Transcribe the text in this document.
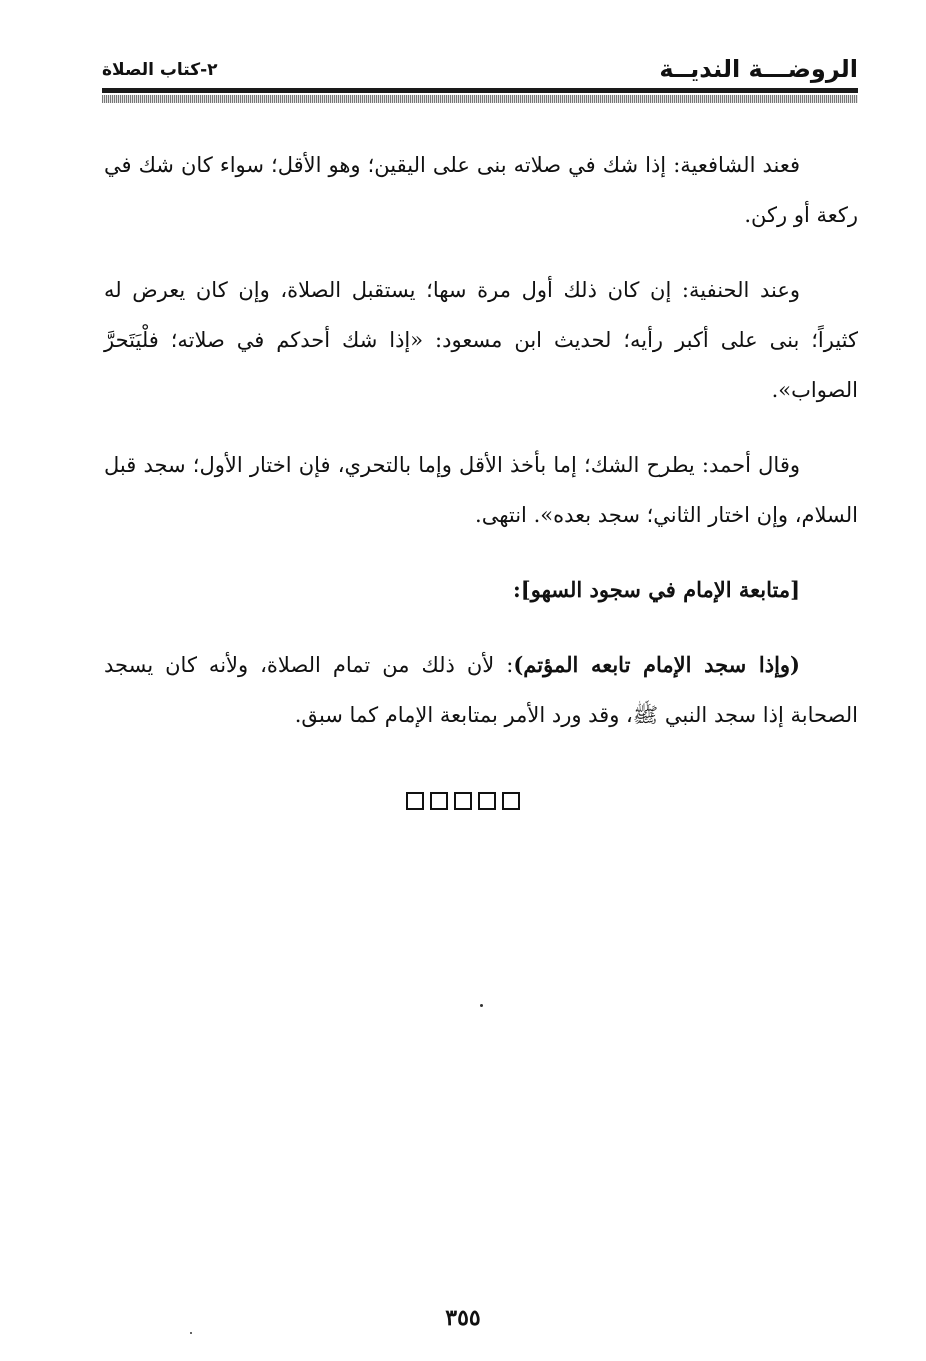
الروضـــة النديــة
٢-كتاب الصلاة

فعند الشافعية: إذا شك في صلاته بنى على اليقين؛ وهو الأقل؛ سواء كان شك في ركعة أو ركن.

وعند الحنفية: إن كان ذلك أول مرة سها؛ يستقبل الصلاة، وإن كان يعرض له كثيراً؛ بنى على أكبر رأيه؛ لحديث ابن مسعود: «إذا شك أحدكم في صلاته؛ فلْيَتَحرَّ الصواب».

وقال أحمد: يطرح الشك؛ إما بأخذ الأقل وإما بالتحري، فإن اختار الأول؛ سجد قبل السلام، وإن اختار الثاني؛ سجد بعده». انتهى.

[متابعة الإمام في سجود السهو]:

(وإذا سجد الإمام تابعه المؤتم): لأن ذلك من تمام الصلاة، ولأنه كان يسجد الصحابة إذا سجد النبي ﷺ، وقد ورد الأمر بمتابعة الإمام كما سبق.

٣٥٥
